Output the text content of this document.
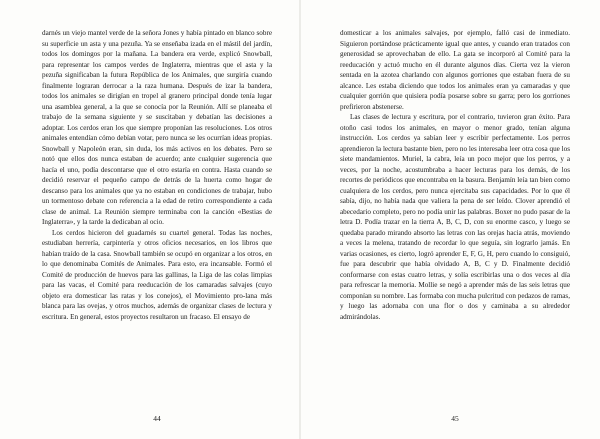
darnés un viejo mantel verde de la señora Jones y había pintado en blanco sobre su superficie un asta y una pezuña. Ya se enseñaba izada en el mástil del jardín, todos los domingos por la mañana. La bandera era verde, explicó Snowball, para representar los campos verdes de Inglaterra, mientras que el asta y la pezuña significaban la futura República de los Animales, que surgiría cuando finalmente lograran derrocar a la raza humana. Después de izar la bandera, todos los animales se dirigían en tropel al granero principal donde tenía lugar una asamblea general, a la que se conocía por la Reunión. Allí se planeaba el trabajo de la semana siguiente y se suscitaban y debatían las decisiones a adoptar. Los cerdos eran los que siempre proponían las resoluciones. Los otros animales entendían cómo debían votar, pero nunca se les ocurrían ideas propias. Snowball y Napoleón eran, sin duda, los más activos en los debates. Pero se notó que ellos dos nunca estaban de acuerdo; ante cualquier sugerencia que hacía el uno, podía descontarse que el otro estaría en contra. Hasta cuando se decidió reservar el pequeño campo de detrás de la huerta como hogar de descanso para los animales que ya no estaban en condiciones de trabajar, hubo un tormentoso debate con referencia a la edad de retiro correspondiente a cada clase de animal. La Reunión siempre terminaba con la canción «Bestias de Inglaterra», y la tarde la dedicaban al ocio.

Los cerdos hicieron del guadarnés su cuartel general. Todas las noches, estudiaban herrería, carpintería y otros oficios necesarios, en los libros que habían traído de la casa. Snowball también se ocupó en organizar a los otros, en lo que denominaba Comités de Animales. Para esto, era incansable. Formó el Comité de producción de huevos para las gallinas, la Liga de las colas limpias para las vacas, el Comité para reeducación de los camaradas salvajes (cuyo objeto era domesticar las ratas y los conejos), el Movimiento pro-lana más blanca para las ovejas, y otros muchos, además de organizar clases de lectura y escritura. En general, estos proyectos resultaron un fracaso. El ensayo de

44

domesticar a los animales salvajes, por ejemplo, falló casi de inmediato. Siguieron portándose prácticamente igual que antes, y cuando eran tratados con generosidad se aprovechaban de ello. La gata se incorporó al Comité para la reeducación y actuó mucho en él durante algunos días. Cierta vez la vieron sentada en la azotea charlando con algunos gorriones que estaban fuera de su alcance. Les estaba diciendo que todos los animales eran ya camaradas y que cualquier gorrión que quisiera podía posarse sobre su garra; pero los gorriones prefirieron abstenerse.

Las clases de lectura y escritura, por el contrario, tuvieron gran éxito. Para otoño casi todos los animales, en mayor o menor grado, tenían alguna instrucción. Los cerdos ya sabían leer y escribir perfectamente. Los perros aprendieron la lectura bastante bien, pero no les interesaba leer otra cosa que los siete mandamientos. Muriel, la cabra, leía un poco mejor que los perros, y a veces, por la noche, acostumbraba a hacer lecturas para los demás, de los recortes de periódicos que encontraba en la basura. Benjamín leía tan bien como cualquiera de los cerdos, pero nunca ejercitaba sus capacidades. Por lo que él sabía, dijo, no había nada que valiera la pena de ser leído. Clover aprendió el abecedario completo, pero no podía unir las palabras. Boxer no pudo pasar de la letra D. Podía trazar en la tierra A, B, C, D, con su enorme casco, y luego se quedaba parado mirando absorto las letras con las orejas hacia atrás, moviendo a veces la melena, tratando de recordar lo que seguía, sin lograrlo jamás. En varias ocasiones, es cierto, logró aprender E, F, G, H, pero cuando lo consiguió, fue para descubrir que había olvidado A, B, C y D. Finalmente decidió conformarse con estas cuatro letras, y solía escribirlas una o dos veces al día para refrescar la memoria. Mollie se negó a aprender más de las seis letras que componían su nombre. Las formaba con mucha pulcritud con pedazos de ramas, y luego las adornaba con una flor o dos y caminaba a su alrededor admirándolas.

45
